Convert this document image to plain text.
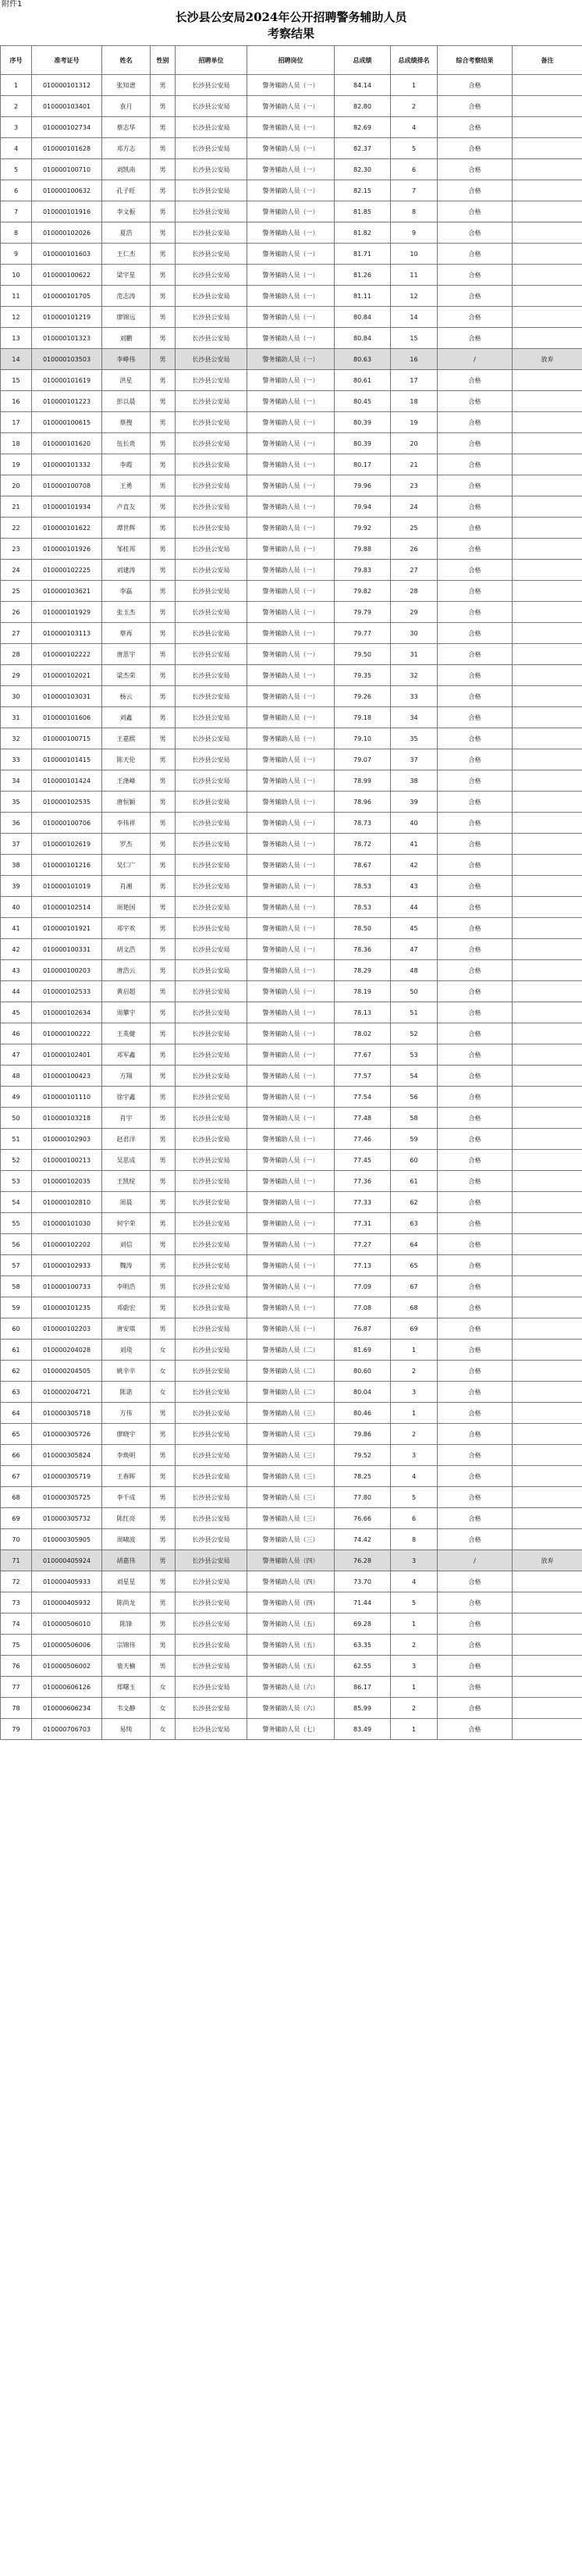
附件1
长沙县公安局2024年公开招聘警务辅助人员
考察结果
序号	准考证号	姓名	性别	招聘单位	招聘岗位	总成绩	总成绩排名	综合考察结果	备注
1	010000101312	张知谱	男	长沙县公安局	警务辅助人员（一）	84.14	1	合格	
2	010000103401	袁月	男	长沙县公安局	警务辅助人员（一）	82.80	2	合格	
3	010000102734	蔡志华	男	长沙县公安局	警务辅助人员（一）	82.69	4	合格	
4	010000101628	邓方志	男	长沙县公安局	警务辅助人员（一）	82.37	5	合格	
5	010000100710	刘凯南	男	长沙县公安局	警务辅助人员（一）	82.30	6	合格	
6	010000100632	孔子旺	男	长沙县公安局	警务辅助人员（一）	82.15	7	合格	
7	010000101916	李文振	男	长沙县公安局	警务辅助人员（一）	81.85	8	合格	
8	010000102026	夏浩	男	长沙县公安局	警务辅助人员（一）	81.82	9	合格	
9	010000101603	王仁杰	男	长沙县公安局	警务辅助人员（一）	81.71	10	合格	
10	010000100622	梁宇星	男	长沙县公安局	警务辅助人员（一）	81.26	11	合格	
11	010000101705	范志涛	男	长沙县公安局	警务辅助人员（一）	81.11	12	合格	
12	010000101219	廖锦远	男	长沙县公安局	警务辅助人员（一）	80.84	14	合格	
13	010000101323	刘鹏	男	长沙县公安局	警务辅助人员（一）	80.84	15	合格	
14	010000103503	李峥伟	男	长沙县公安局	警务辅助人员（一）	80.63	16	/	放弃
15	010000101619	洪星	男	长沙县公安局	警务辅助人员（一）	80.61	17	合格	
16	010000101223	彭以晨	男	长沙县公安局	警务辅助人员（一）	80.45	18	合格	
17	010000100615	蔡搜	男	长沙县公安局	警务辅助人员（一）	80.39	19	合格	
18	010000101620	伍长贵	男	长沙县公安局	警务辅助人员（一）	80.39	20	合格	
19	010000101332	李霞	男	长沙县公安局	警务辅助人员（一）	80.17	21	合格	
20	010000100708	王勇	男	长沙县公安局	警务辅助人员（一）	79.96	23	合格	
21	010000101934	卢直友	男	长沙县公安局	警务辅助人员（一）	79.94	24	合格	
22	010000101622	谭世辉	男	长沙县公安局	警务辅助人员（一）	79.92	25	合格	
23	010000101926	邹桂邦	男	长沙县公安局	警务辅助人员（一）	79.88	26	合格	
24	010000102225	刘建涛	男	长沙县公安局	警务辅助人员（一）	79.83	27	合格	
25	010000103621	李磊	男	长沙县公安局	警务辅助人员（一）	79.82	28	合格	
26	010000101929	张玉杰	男	长沙县公安局	警务辅助人员（一）	79.79	29	合格	
27	010000103113	蔡再	男	长沙县公安局	警务辅助人员（一）	79.77	30	合格	
28	010000102222	唐思宇	男	长沙县公安局	警务辅助人员（一）	79.50	31	合格	
29	010000102021	梁杰荣	男	长沙县公安局	警务辅助人员（一）	79.35	32	合格	
30	010000103031	杨云	男	长沙县公安局	警务辅助人员（一）	79.26	33	合格	
31	010000101606	刘鑫	男	长沙县公安局	警务辅助人员（一）	79.18	34	合格	
32	010000100715	王嘉熙	男	长沙县公安局	警务辅助人员（一）	79.10	35	合格	
33	010000101415	陈天伦	男	长沙县公安局	警务辅助人员（一）	79.07	37	合格	
34	010000101424	王涤峰	男	长沙县公安局	警务辅助人员（一）	78.99	38	合格	
35	010000102535	唐恒颖	男	长沙县公安局	警务辅助人员（一）	78.96	39	合格	
36	010000100706	李伟祥	男	长沙县公安局	警务辅助人员（一）	78.73	40	合格	
37	010000102619	罗杰	男	长沙县公安局	警务辅助人员（一）	78.72	41	合格	
38	010000101216	吴仁广	男	长沙县公安局	警务辅助人员（一）	78.67	42	合格	
39	010000101019	肖湘	男	长沙县公安局	警务辅助人员（一）	78.53	43	合格	
40	010000102514	周艳国	男	长沙县公安局	警务辅助人员（一）	78.53	44	合格	
41	010000101921	邓宇欢	男	长沙县公安局	警务辅助人员（一）	78.50	45	合格	
42	010000100331	胡文浩	男	长沙县公安局	警务辅助人员（一）	78.36	47	合格	
43	010000100203	唐浩云	男	长沙县公安局	警务辅助人员（一）	78.29	48	合格	
44	010000102533	黄启超	男	长沙县公安局	警务辅助人员（一）	78.19	50	合格	
45	010000102634	周攀宇	男	长沙县公安局	警务辅助人员（一）	78.13	51	合格	
46	010000100222	王英健	男	长沙县公安局	警务辅助人员（一）	78.02	52	合格	
47	010000102401	邓军鑫	男	长沙县公安局	警务辅助人员（一）	77.67	53	合格	
48	010000100423	方翔	男	长沙县公安局	警务辅助人员（一）	77.57	54	合格	
49	010000101110	徐宇鑫	男	长沙县公安局	警务辅助人员（一）	77.54	56	合格	
50	010000103218	肖宇	男	长沙县公安局	警务辅助人员（一）	77.48	58	合格	
51	010000102903	赵君洋	男	长沙县公安局	警务辅助人员（一）	77.46	59	合格	
52	010000100213	吴思成	男	长沙县公安局	警务辅助人员（一）	77.45	60	合格	
53	010000102035	王凯绽	男	长沙县公安局	警务辅助人员（一）	77.36	61	合格	
54	010000102810	周晨	男	长沙县公安局	警务辅助人员（一）	77.33	62	合格	
55	010000101030	何宇荣	男	长沙县公安局	警务辅助人员（一）	77.31	63	合格	
56	010000102202	刘信	男	长沙县公安局	警务辅助人员（一）	77.27	64	合格	
57	010000102933	魏涛	男	长沙县公安局	警务辅助人员（一）	77.13	65	合格	
58	010000100733	李明浩	男	长沙县公安局	警务辅助人员（一）	77.09	67	合格	
59	010000101235	邓蔚宏	男	长沙县公安局	警务辅助人员（一）	77.08	68	合格	
60	010000102203	唐安琪	男	长沙县公安局	警务辅助人员（一）	76.87	69	合格	
61	010000204028	刘琰	女	长沙县公安局	警务辅助人员（二）	81.69	1	合格	
62	010000204505	姚辛辛	女	长沙县公安局	警务辅助人员（二）	80.60	2	合格	
63	010000204721	陈诺	女	长沙县公安局	警务辅助人员（二）	80.04	3	合格	
64	010000305718	方伟	男	长沙县公安局	警务辅助人员（三）	80.46	1	合格	
65	010000305726	廖晓宇	男	长沙县公安局	警务辅助人员（三）	79.86	2	合格	
66	010000305824	李焕明	男	长沙县公安局	警务辅助人员（三）	79.52	3	合格	
67	010000305719	王春晖	男	长沙县公安局	警务辅助人员（三）	78.25	4	合格	
68	010000305725	李千成	男	长沙县公安局	警务辅助人员（三）	77.80	5	合格	
69	010000305732	陈红亮	男	长沙县公安局	警务辅助人员（三）	76.66	6	合格	
70	010000305905	周啸波	男	长沙县公安局	警务辅助人员（三）	74.42	8	合格	
71	010000405924	胡嘉伟	男	长沙县公安局	警务辅助人员（四）	76.28	3	/	放弃
72	010000405933	刘星星	男	长沙县公安局	警务辅助人员（四）	73.70	4	合格	
73	010000405932	陈尚龙	男	长沙县公安局	警务辅助人员（四）	71.44	5	合格	
74	010000506010	陈锋	男	长沙县公安局	警务辅助人员（五）	69.28	1	合格	
75	010000506006	宗锦伟	男	长沙县公安局	警务辅助人员（五）	63.35	2	合格	
76	010000506002	裴天楠	男	长沙县公安局	警务辅助人员（五）	62.55	3	合格	
77	010000606126	郑曙玉	女	长沙县公安局	警务辅助人员（六）	86.17	1	合格	
78	010000606234	韦文静	女	长沙县公安局	警务辅助人员（六）	85.99	2	合格	
79	010000706703	易纯	女	长沙县公安局	警务辅助人员（七）	83.49	1	合格	
